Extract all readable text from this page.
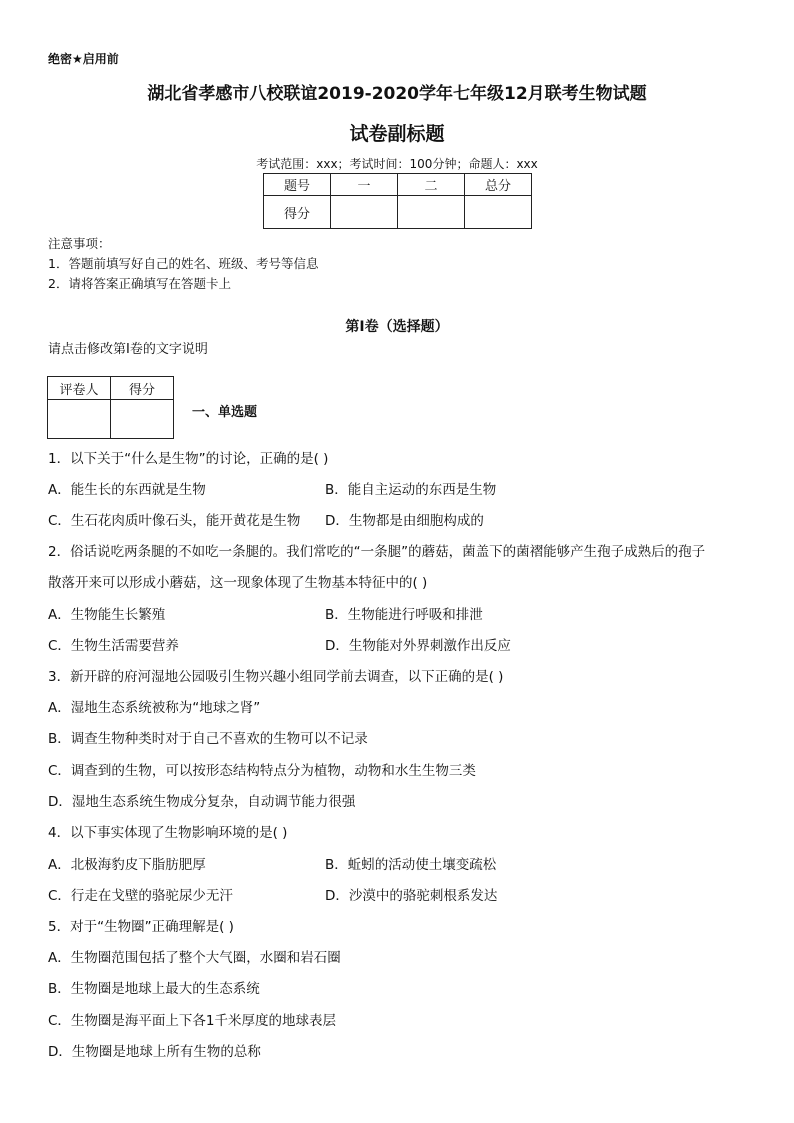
绝密★启用前
湖北省孝感市八校联谊2019-2020学年七年级12月联考生物试题
试卷副标题
考试范围：xxx；考试时间：100分钟；命题人：xxx
题号	一	二	总分
得分			
注意事项：
1．答题前填写好自己的姓名、班级、考号等信息
2．请将答案正确填写在答题卡上
第I卷（选择题）
请点击修改第I卷的文字说明
评卷人	得分

一、单选题
1．以下关于“什么是生物”的讨论，正确的是( )
A．能生长的东西就是生物	B．能自主运动的东西是生物
C．生石花肉质叶像石头，能开黄花是生物 D．生物都是由细胞构成的
2．俗话说吃两条腿的不如吃一条腿的。我们常吃的“一条腿”的蘑菇，菌盖下的菌褶能够产生孢子成熟后的孢子
散落开来可以形成小蘑菇，这一现象体现了生物基本特征中的( )
A．生物能生长繁殖	B．生物能进行呼吸和排泄
C．生物生活需要营养	D．生物能对外界刺激作出反应
3．新开辟的府河湿地公园吸引生物兴趣小组同学前去调查，以下正确的是( )
A．湿地生态系统被称为“地球之肾”
B．调查生物种类时对于自己不喜欢的生物可以不记录
C．调查到的生物，可以按形态结构特点分为植物，动物和水生生物三类
D．湿地生态系统生物成分复杂，自动调节能力很强
4．以下事实体现了生物影响环境的是( )
A．北极海豹皮下脂肪肥厚	B．蚯蚓的活动使土壤变疏松
C．行走在戈壁的骆驼尿少无汗	D．沙漠中的骆驼刺根系发达
5．对于“生物圈”正确理解是( )
A．生物圈范围包括了整个大气圈，水圈和岩石圈
B．生物圈是地球上最大的生态系统
C．生物圈是海平面上下各1千米厚度的地球表层
D．生物圈是地球上所有生物的总称
